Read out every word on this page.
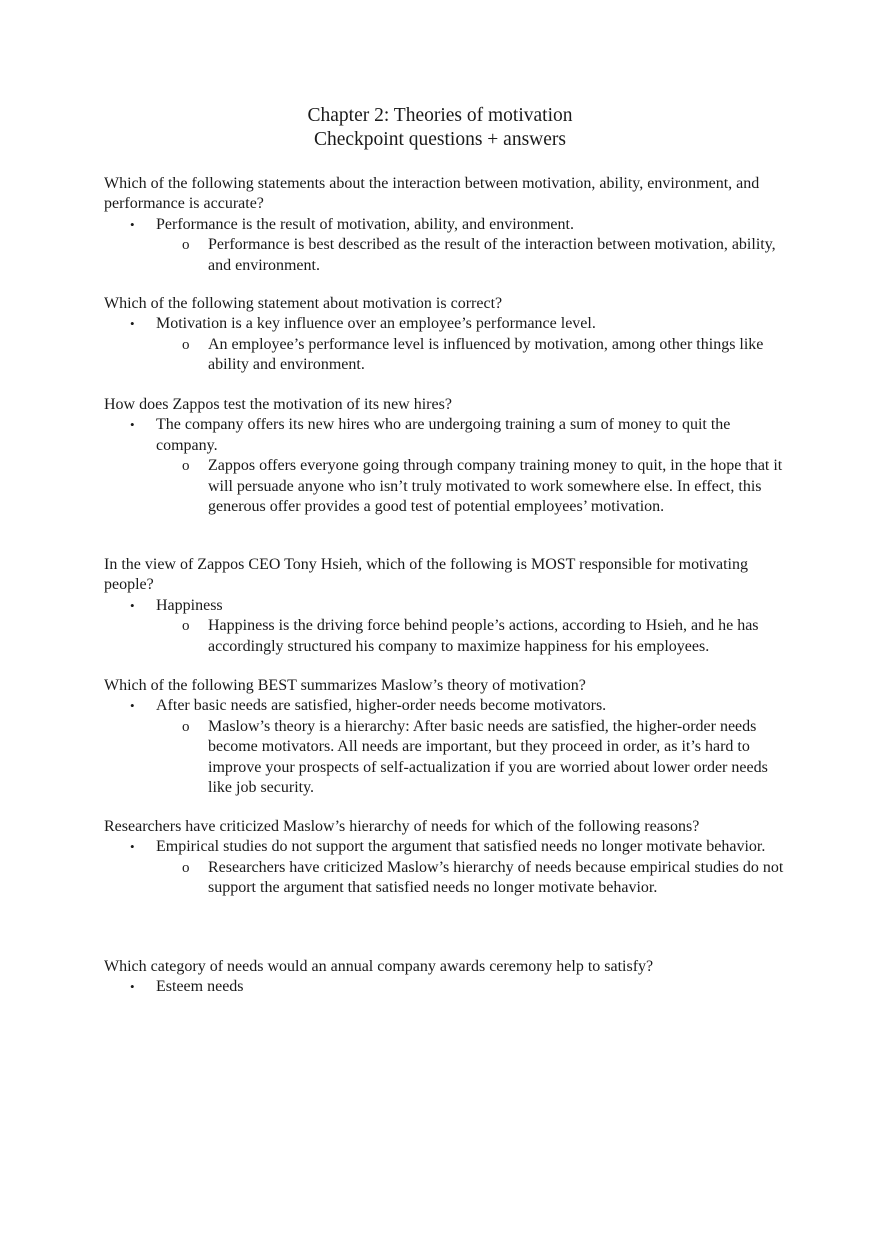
Chapter 2: Theories of motivation
Checkpoint questions + answers

Which of the following statements about the interaction between motivation, ability, environment, and performance is accurate?

• Performance is the result of motivation, ability, and environment.
o Performance is best described as the result of the interaction between motivation, ability, and environment.

Which of the following statement about motivation is correct?

• Motivation is a key influence over an employee’s performance level.
o An employee’s performance level is influenced by motivation, among other things like ability and environment.

How does Zappos test the motivation of its new hires?

• The company offers its new hires who are undergoing training a sum of money to quit the company.
o Zappos offers everyone going through company training money to quit, in the hope that it will persuade anyone who isn’t truly motivated to work somewhere else. In effect, this generous offer provides a good test of potential employees’ motivation.

In the view of Zappos CEO Tony Hsieh, which of the following is MOST responsible for motivating people?

• Happiness
o Happiness is the driving force behind people’s actions, according to Hsieh, and he has accordingly structured his company to maximize happiness for his employees.

Which of the following BEST summarizes Maslow’s theory of motivation?

• After basic needs are satisfied, higher-order needs become motivators.
o Maslow’s theory is a hierarchy: After basic needs are satisfied, the higher-order needs become motivators. All needs are important, but they proceed in order, as it’s hard to improve your prospects of self-actualization if you are worried about lower order needs like job security.

Researchers have criticized Maslow’s hierarchy of needs for which of the following reasons?

• Empirical studies do not support the argument that satisfied needs no longer motivate behavior.
o Researchers have criticized Maslow’s hierarchy of needs because empirical studies do not support the argument that satisfied needs no longer motivate behavior.

Which category of needs would an annual company awards ceremony help to satisfy?

• Esteem needs
